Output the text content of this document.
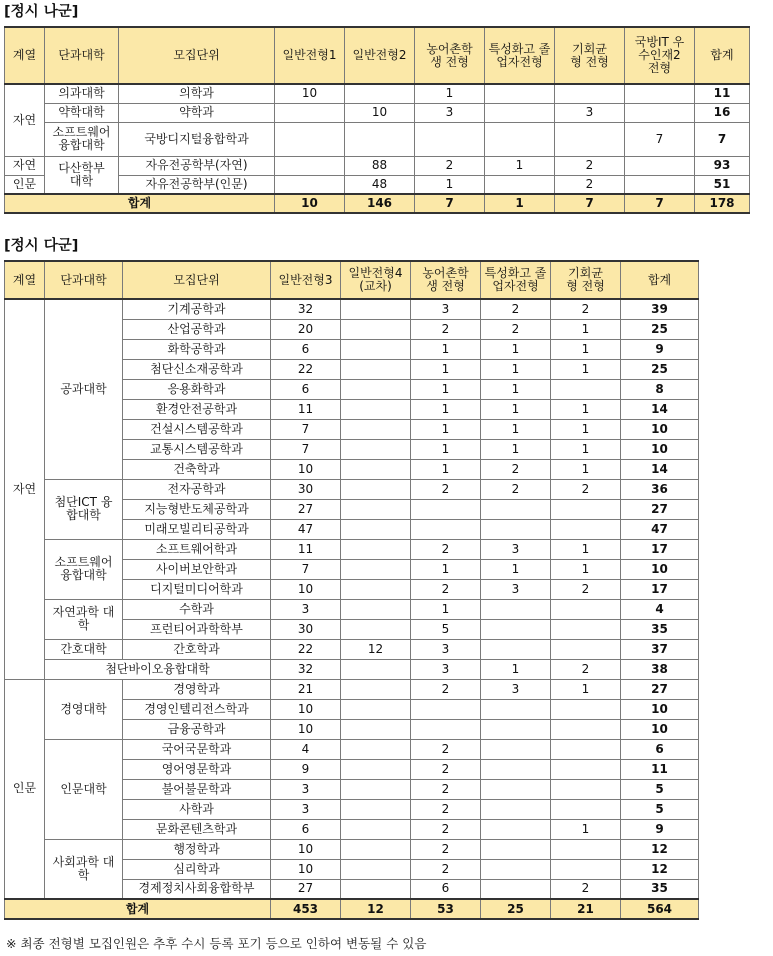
[정시 나군]
계열	단과대학	모집단위	일반전형1	일반전형2	농어촌학생 전형	특성화고 졸업자전형	기회균형 전형	국방IT 우수인재2 전형	합계
자연	의과대학	의학과	10		1				11
	약학대학	약학과		10	3		3		16
	소프트웨어 융합대학	국방디지털융합학과						7	7
자연	다산학부 대학	자유전공학부(자연)		88	2	1	2		93
인문		자유전공학부(인문)		48	1		2		51
합계			10	146	7	1	7	7	178
[정시 다군]
계열	단과대학	모집단위	일반전형3	일반전형4 (교차)	농어촌학생 전형	특성화고 졸업자전형	기회균형 전형	합계
자연	공과대학	기계공학과	32		3	2	2	39
		산업공학과	20		2	2	1	25
		화학공학과	6		1	1	1	9
		첨단신소재공학과	22		1	1	1	25
		응용화학과	6		1	1		8
		환경안전공학과	11		1	1	1	14
		건설시스템공학과	7		1	1	1	10
		교통시스템공학과	7		1	1	1	10
		건축학과	10		1	2	1	14
	첨단ICT 융합대학	전자공학과	30		2	2	2	36
		지능형반도체공학과	27					27
		미래모빌리티공학과	47					47
	소프트웨어 융합대학	소프트웨어학과	11		2	3	1	17
		사이버보안학과	7		1	1	1	10
		디지털미디어학과	10		2	3	2	17
	자연과학 대학	수학과	3		1			4
		프런티어과학학부	30		5			35
	간호대학	간호학과	22	12	3			37
	첨단바이오융합대학		32		3	1	2	38
인문	경영대학	경영학과	21		2	3	1	27
		경영인텔리전스학과	10					10
		금융공학과	10					10
	인문대학	국어국문학과	4		2			6
		영어영문학과	9		2			11
		불어불문학과	3		2			5
		사학과	3		2			5
		문화콘텐츠학과	6		2		1	9
	사회과학 대학	행정학과	10		2			12
		심리학과	10		2			12
		경제정치사회융합학부	27		6		2	35
합계			453	12	53	25	21	564
※ 최종 전형별 모집인원은 추후 수시 등록 포기 등으로 인하여 변동될 수 있음
